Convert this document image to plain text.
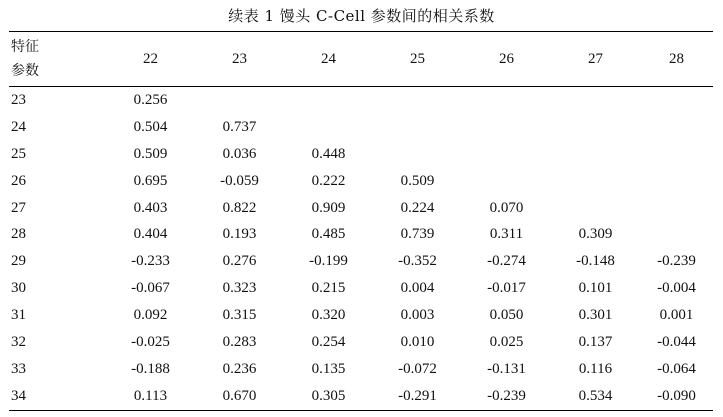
续表 1 馒头 C-Cell 参数间的相关系数
特征
参数	22	23	24	25	26	27	28
23	0.256						
24	0.504	0.737					
25	0.509	0.036	0.448				
26	0.695	-0.059	0.222	0.509			
27	0.403	0.822	0.909	0.224	0.070		
28	0.404	0.193	0.485	0.739	0.311	0.309	
29	-0.233	0.276	-0.199	-0.352	-0.274	-0.148	-0.239
30	-0.067	0.323	0.215	0.004	-0.017	0.101	-0.004
31	0.092	0.315	0.320	0.003	0.050	0.301	0.001
32	-0.025	0.283	0.254	0.010	0.025	0.137	-0.044
33	-0.188	0.236	0.135	-0.072	-0.131	0.116	-0.064
34	0.113	0.670	0.305	-0.291	-0.239	0.534	-0.090
